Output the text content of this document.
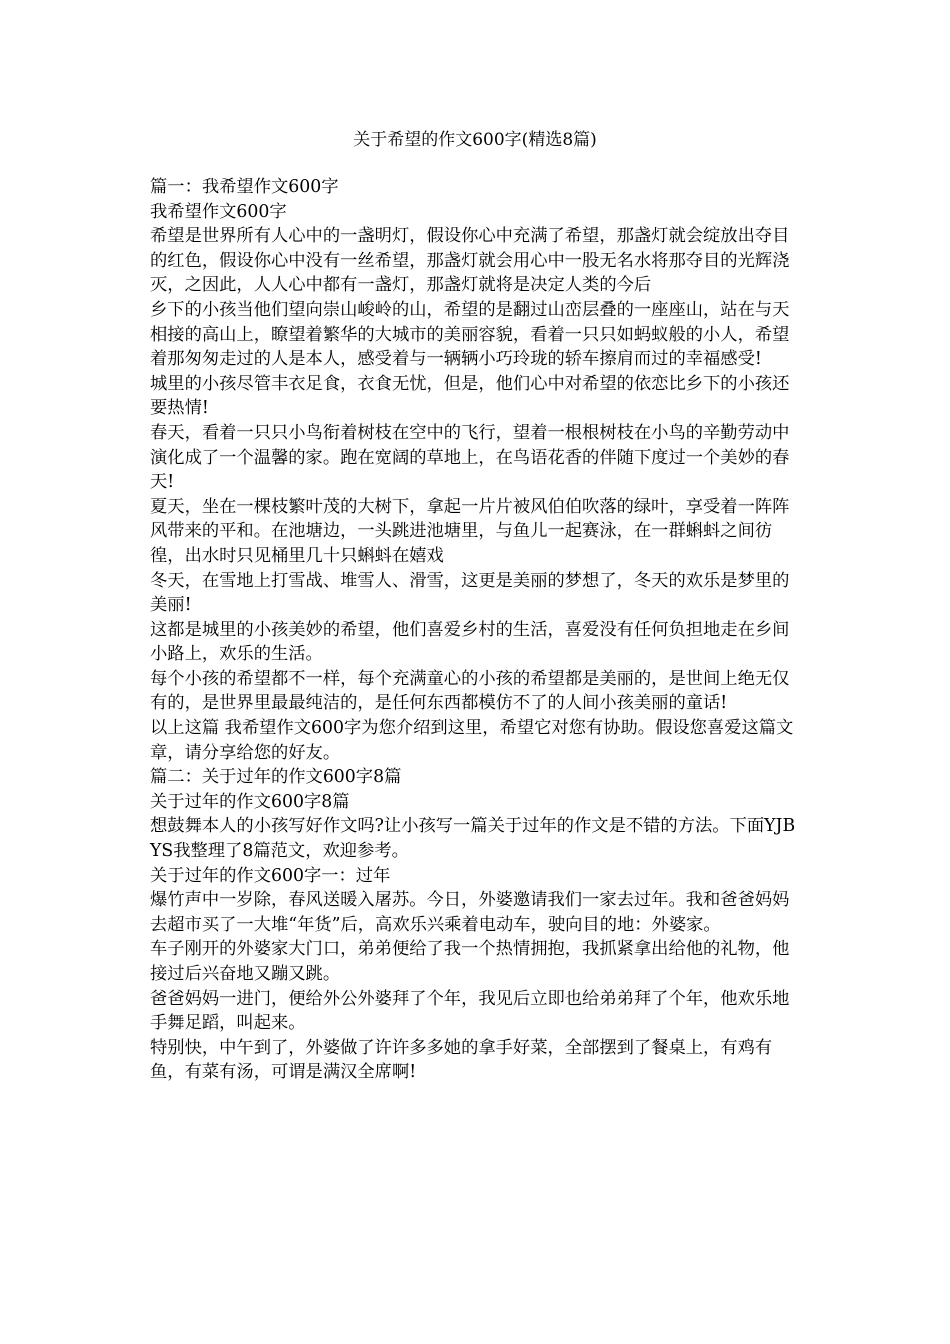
关于希望的作文600字(精选8篇)

篇一：我希望作文600字

我希望作文600字

希望是世界所有人心中的一盏明灯，假设你心中充满了希望，那盏灯就会绽放出夺目的红色，假设你心中没有一丝希望，那盏灯就会用心中一股无名水将那夺目的光辉浇灭，之因此，人人心中都有一盏灯，那盏灯就将是决定人类的今后

乡下的小孩当他们望向崇山峻岭的山，希望的是翻过山峦层叠的一座座山，站在与天相接的高山上，瞭望着繁华的大城市的美丽容貌，看着一只只如蚂蚁般的小人，希望着那匆匆走过的人是本人，感受着与一辆辆小巧玲珑的轿车擦肩而过的幸福感受!

城里的小孩尽管丰衣足食，衣食无忧，但是，他们心中对希望的依恋比乡下的小孩还要热情!

春天，看着一只只小鸟衔着树枝在空中的飞行，望着一根根树枝在小鸟的辛勤劳动中演化成了一个温馨的家。跑在宽阔的草地上，在鸟语花香的伴随下度过一个美妙的春天!

夏天，坐在一棵枝繁叶茂的大树下，拿起一片片被风伯伯吹落的绿叶，享受着一阵阵风带来的平和。在池塘边，一头跳进池塘里，与鱼儿一起赛泳，在一群蝌蚪之间彷徨，出水时只见桶里几十只蝌蚪在嬉戏

冬天，在雪地上打雪战、堆雪人、滑雪，这更是美丽的梦想了，冬天的欢乐是梦里的美丽!

这都是城里的小孩美妙的希望，他们喜爱乡村的生活，喜爱没有任何负担地走在乡间小路上，欢乐的生活。

每个小孩的希望都不一样，每个充满童心的小孩的希望都是美丽的，是世间上绝无仅有的，是世界里最最纯洁的，是任何东西都模仿不了的人间小孩美丽的童话!

以上这篇 我希望作文600字为您介绍到这里，希望它对您有协助。假设您喜爱这篇文章，请分享给您的好友。

篇二：关于过年的作文600字8篇

关于过年的作文600字8篇

想鼓舞本人的小孩写好作文吗?让小孩写一篇关于过年的作文是不错的方法。下面YJBYS我整理了8篇范文，欢迎参考。

关于过年的作文600字一：过年

爆竹声中一岁除，春风送暖入屠苏。今日，外婆邀请我们一家去过年。我和爸爸妈妈去超市买了一大堆“年货”后，高欢乐兴乘着电动车，驶向目的地：外婆家。

车子刚开的外婆家大门口，弟弟便给了我一个热情拥抱，我抓紧拿出给他的礼物，他接过后兴奋地又蹦又跳。

爸爸妈妈一进门，便给外公外婆拜了个年，我见后立即也给弟弟拜了个年，他欢乐地手舞足蹈，叫起来。

特别快，中午到了，外婆做了许许多多她的拿手好菜，全部摆到了餐桌上，有鸡有鱼，有菜有汤，可谓是满汉全席啊!
